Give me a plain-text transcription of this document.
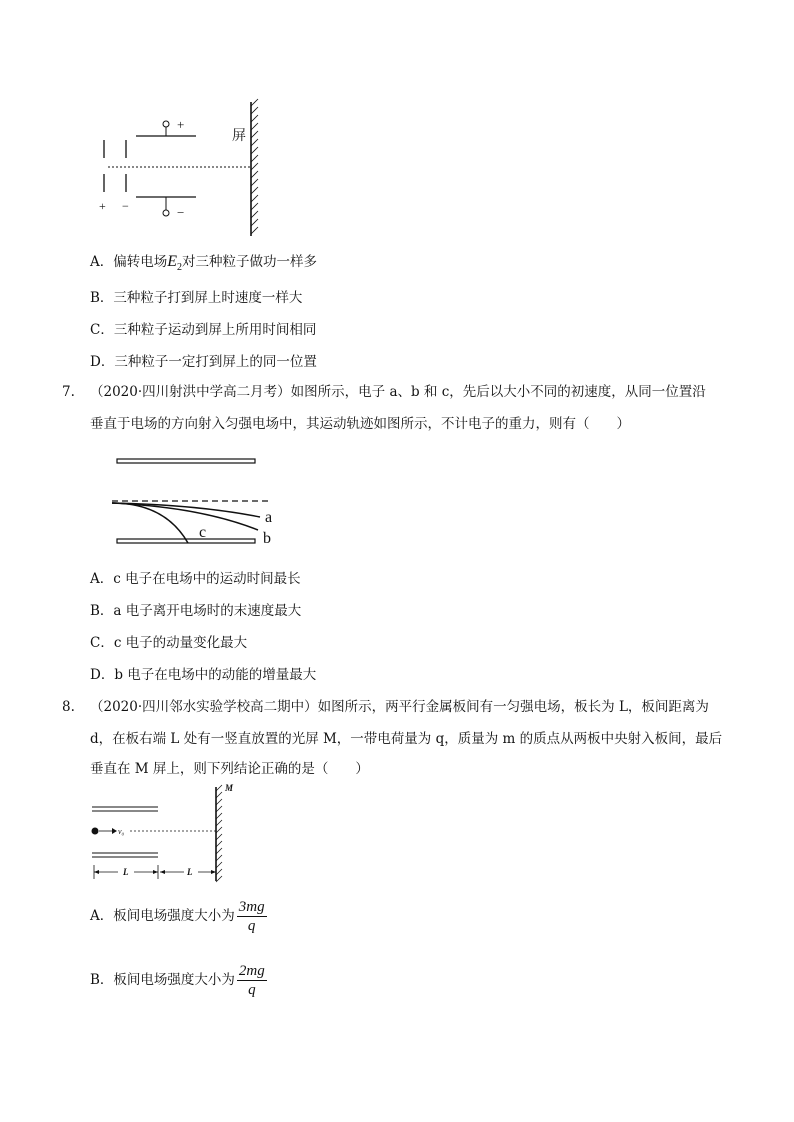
+
−
屏
+ −
A．偏转电场$E_2$对三种粒子做功一样多
B．三种粒子打到屏上时速度一样大
C．三种粒子运动到屏上所用时间相同
D．三种粒子一定打到屏上的同一位置
7. （2020·四川射洪中学高二月考）如图所示，电子 a、b 和 c，先后以大小不同的初速度，从同一位置沿
垂直于电场的方向射入匀强电场中，其运动轨迹如图所示，不计电子的重力，则有（　　）
a
b
c
A．c 电子在电场中的运动时间最长
B．a 电子离开电场时的末速度最大
C．c 电子的动量变化最大
D．b 电子在电场中的动能的增量最大
8. （2020·四川邻水实验学校高二期中）如图所示，两平行金属板间有一匀强电场，板长为 L，板间距离为
d，在板右端 L 处有一竖直放置的光屏 M，一带电荷量为 q，质量为 m 的质点从两板中央射入板间，最后
垂直在 M 屏上，则下列结论正确的是（　　）
v₀
M
L	L
A．板间电场强度大小为 $\frac{3mg}{q}$
B．板间电场强度大小为 $\frac{2mg}{q}$
